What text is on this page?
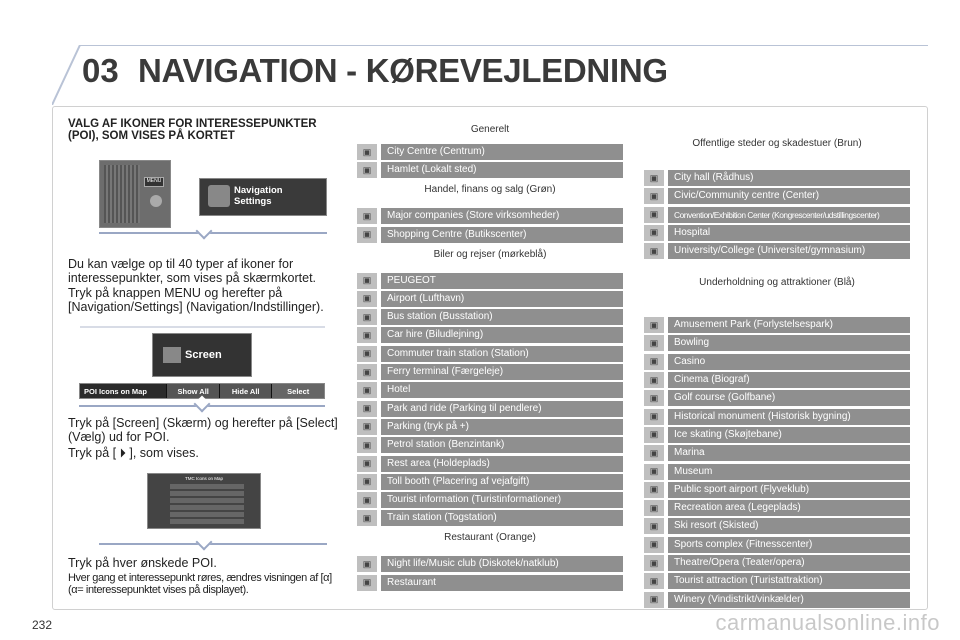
03 NAVIGATION - KØREVEJLEDNING
VALG AF IKONER FOR INTERESSEPUNKTER (POI), SOM VISES PÅ KORTET
MENU
Navigation Settings
Du kan vælge op til 40 typer af ikoner for interessepunkter, som vises på skærmkortet.
Tryk på knappen MENU og herefter på [Navigation/Settings] (Navigation/Indstillinger).
Screen
POI Icons on Map	Show All	Hide All	Select
Tryk på [Screen] (Skærm) og herefter på [Select] (Vælg) ud for POI.
Tryk på [ ⏵ ], som vises.
TMC Icons on Map
Tryk på hver ønskede POI.
Hver gang et interessepunkt røres, ændres visningen af [α] (α= interessepunktet vises på displayet).
Generelt
▣	City Centre (Centrum)
▣	Hamlet (Lokalt sted)
Handel, finans og salg (Grøn)
▣	Major companies (Store virksomheder)
▣	Shopping Centre (Butikscenter)
Biler og rejser (mørkeblå)
▣	PEUGEOT
▣	Airport (Lufthavn)
▣	Bus station (Busstation)
▣	Car hire (Biludlejning)
▣	Commuter train station (Station)
▣	Ferry terminal (Færgeleje)
▣	Hotel
▣	Park and ride (Parking til pendlere)
▣	Parking (tryk på +)
▣	Petrol station (Benzintank)
▣	Rest area (Holdeplads)
▣	Toll booth (Placering af vejafgift)
▣	Tourist information (Turistinformationer)
▣	Train station (Togstation)
Restaurant (Orange)
▣	Night life/Music club (Diskotek/natklub)
▣	Restaurant
Offentlige steder og skadestuer (Brun)
▣	City hall (Rådhus)
▣	Civic/Community centre (Center)
▣	Convention/Exhibition Center (Kongrescenter/udstillingscenter)
▣	Hospital
▣	University/College (Universitet/gymnasium)
Underholdning og attraktioner (Blå)
▣	Amusement Park (Forlystelsespark)
▣	Bowling
▣	Casino
▣	Cinema (Biograf)
▣	Golf course (Golfbane)
▣	Historical monument (Historisk bygning)
▣	Ice skating (Skøjtebane)
▣	Marina
▣	Museum
▣	Public sport airport (Flyveklub)
▣	Recreation area (Legeplads)
▣	Ski resort (Skisted)
▣	Sports complex (Fitnesscenter)
▣	Theatre/Opera (Teater/opera)
▣	Tourist attraction (Turistattraktion)
▣	Winery (Vindistrikt/vinkælder)
232	carmanualsonline.info
